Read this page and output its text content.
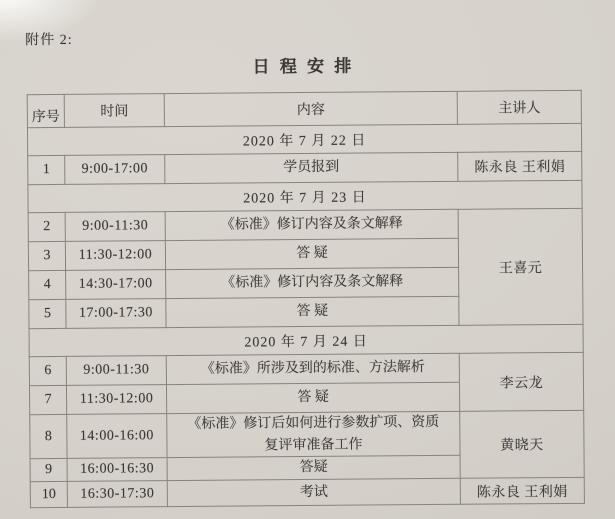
附件 2:
日 程 安 排
序号	时间	内容	主讲人
2020 年 7 月 22 日			
1	9:00-17:00	学员报到	陈永良 王利娟
2020 年 7 月 23 日			
2	9:00-11:30	《标准》修订内容及条文解释	王喜元
3	11:30-12:00	答 疑	
4	14:30-17:00	《标准》修订内容及条文解释	
5	17:00-17:30	答 疑	
2020 年 7 月 24 日			
6	9:00-11:30	《标准》所涉及到的标准、方法解析	李云龙
7	11:30-12:00	答 疑	
8	14:00-16:00	《标准》修订后如何进行参数扩项、资质
复评审准备工作	黄晓天
9	16:00-16:30	答疑	
10	16:30-17:30	考试	陈永良 王利娟
